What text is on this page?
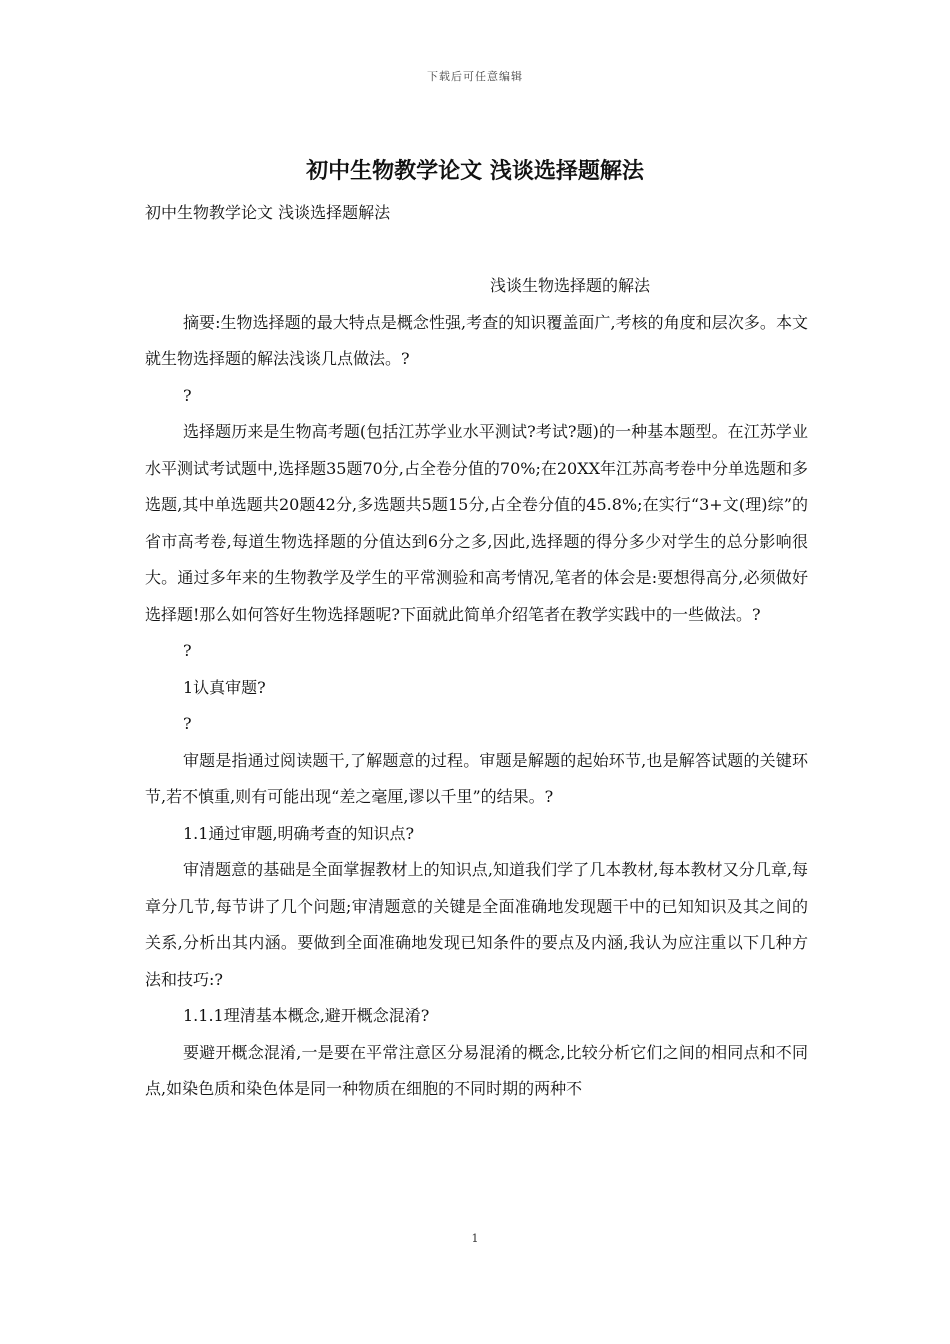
下载后可任意编辑
初中生物教学论文 浅谈选择题解法

初中生物教学论文 浅谈选择题解法

浅谈生物选择题的解法

摘要:生物选择题的最大特点是概念性强,考查的知识覆盖面广,考核的角度和层次多。本文就生物选择题的解法浅谈几点做法。?

?

选择题历来是生物高考题(包括江苏学业水平测试?考试?题)的一种基本题型。在江苏学业水平测试考试题中,选择题35题70分,占全卷分值的70%;在20XX年江苏高考卷中分单选题和多选题,其中单选题共20题42分,多选题共5题15分,占全卷分值的45.8%;在实行“3+文(理)综”的省市高考卷,每道生物选择题的分值达到6分之多,因此,选择题的得分多少对学生的总分影响很大。通过多年来的生物教学及学生的平常测验和高考情况,笔者的体会是:要想得高分,必须做好选择题!那么如何答好生物选择题呢?下面就此简单介绍笔者在教学实践中的一些做法。?

?

1认真审题?

?

审题是指通过阅读题干,了解题意的过程。审题是解题的起始环节,也是解答试题的关键环节,若不慎重,则有可能出现“差之毫厘,谬以千里”的结果。?

1.1通过审题,明确考查的知识点?

审清题意的基础是全面掌握教材上的知识点,知道我们学了几本教材,每本教材又分几章,每章分几节,每节讲了几个问题;审清题意的关键是全面准确地发现题干中的已知知识及其之间的关系,分析出其内涵。要做到全面准确地发现已知条件的要点及内涵,我认为应注重以下几种方法和技巧:?

1.1.1理清基本概念,避开概念混淆?

要避开概念混淆,一是要在平常注意区分易混淆的概念,比较分析它们之间的相同点和不同点,如染色质和染色体是同一种物质在细胞的不同时期的两种不

1
